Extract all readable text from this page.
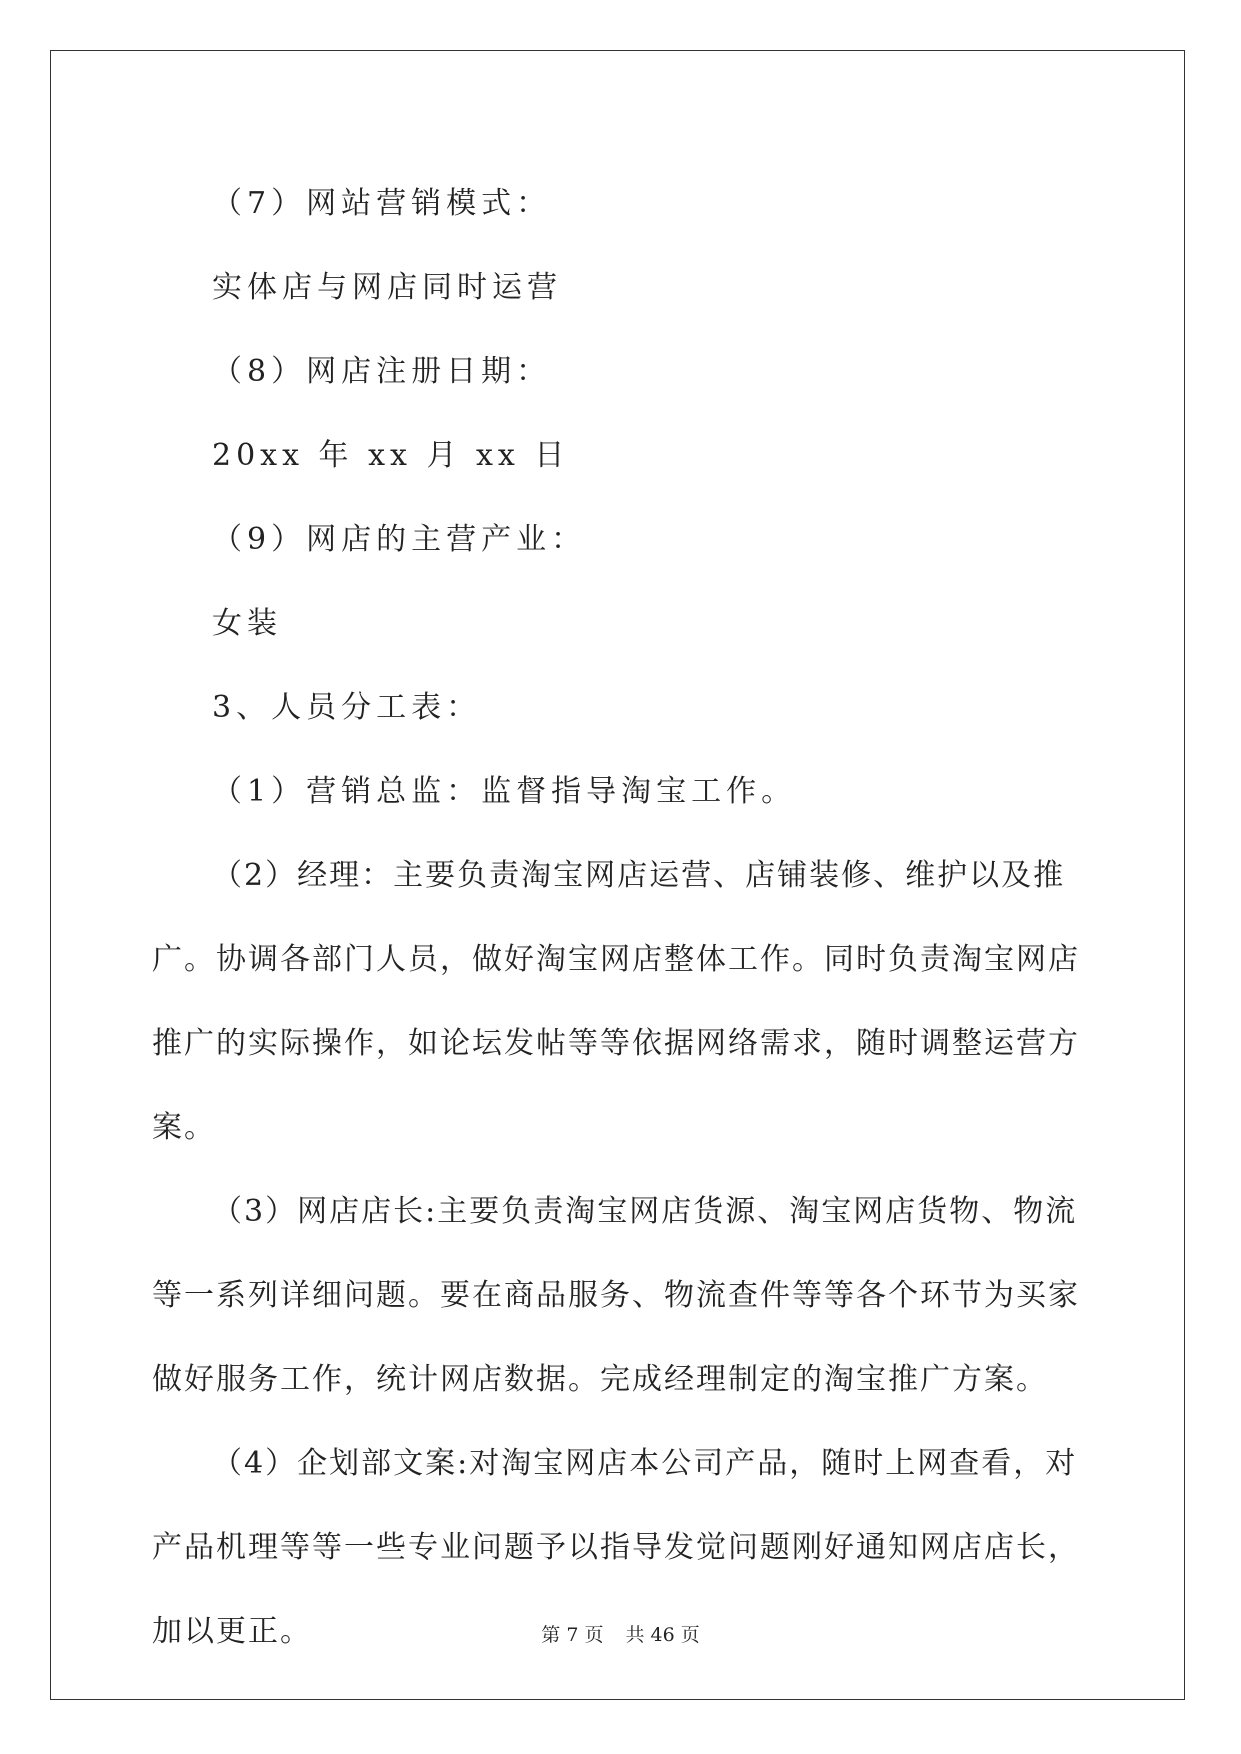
（7）网站营销模式：

实体店与网店同时运营

（8）网店注册日期：

20xx 年 xx 月 xx 日

（9）网店的主营产业：

女装

3、人员分工表：

（1）营销总监：监督指导淘宝工作。

（2）经理：主要负责淘宝网店运营、店铺装修、维护以及推广。协调各部门人员，做好淘宝网店整体工作。同时负责淘宝网店推广的实际操作，如论坛发帖等等依据网络需求，随时调整运营方案。

（3）网店店长:主要负责淘宝网店货源、淘宝网店货物、物流等一系列详细问题。要在商品服务、物流查件等等各个环节为买家做好服务工作，统计网店数据。完成经理制定的淘宝推广方案。

（4）企划部文案:对淘宝网店本公司产品，随时上网查看，对产品机理等等一些专业问题予以指导发觉问题刚好通知网店店长，加以更正。	第 7 页 共 46 页
